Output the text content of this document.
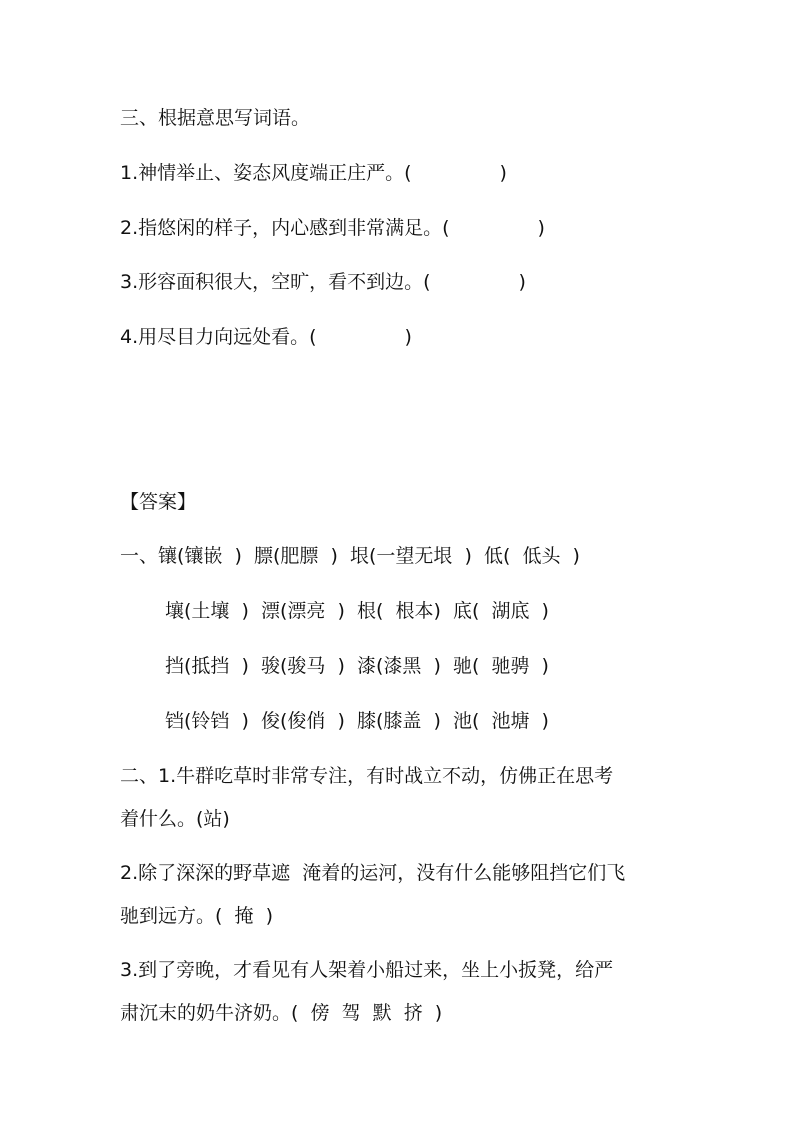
三、根据意思写词语。
1.神情举止、姿态风度端正庄严。(	)
2.指悠闲的样子，内心感到非常满足。(	)
3.形容面积很大，空旷，看不到边。(	)
4.用尽目力向远处看。(	)
【答案】
一、镶(镶嵌  )  膘(肥膘  )  垠(一望无垠  )  低(  低头  )
壤(土壤  )  漂(漂亮  )  根(  根本)  底(  湖底  )
挡(抵挡  )  骏(骏马  )  漆(漆黑  )  驰(  驰骋  )
铛(铃铛  )  俊(俊俏  )  膝(膝盖  )  池(  池塘  )
二、1.牛群吃草时非常专注，有时战立不动，仿佛正在思考
着什么。(站)
2.除了深深的野草遮  淹着的运河，没有什么能够阻挡它们飞
驰到远方。(  掩  )
3.到了旁晚，才看见有人架着小船过来，坐上小扳凳，给严
肃沉末的奶牛济奶。(  傍  驾  默  挤  )
